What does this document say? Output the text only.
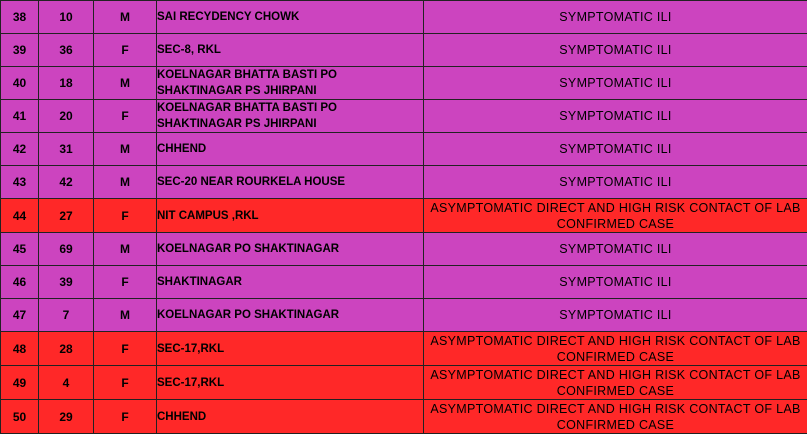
38	10	M	SAI RECYDENCY CHOWK	SYMPTOMATIC ILI
39	36	F	SEC-8, RKL	SYMPTOMATIC ILI
40	18	M	KOELNAGAR BHATTA BASTI PO
SHAKTINAGAR PS JHIRPANI	SYMPTOMATIC ILI
41	20	F	KOELNAGAR BHATTA BASTI PO
SHAKTINAGAR PS JHIRPANI	SYMPTOMATIC ILI
42	31	M	CHHEND	SYMPTOMATIC ILI
43	42	M	SEC-20 NEAR ROURKELA HOUSE	SYMPTOMATIC ILI
44	27	F	NIT CAMPUS ,RKL	ASYMPTOMATIC DIRECT AND HIGH RISK CONTACT OF LAB CONFIRMED CASE
45	69	M	KOELNAGAR PO SHAKTINAGAR	SYMPTOMATIC ILI
46	39	F	SHAKTINAGAR	SYMPTOMATIC ILI
47	7	M	KOELNAGAR PO SHAKTINAGAR	SYMPTOMATIC ILI
48	28	F	SEC-17,RKL	ASYMPTOMATIC DIRECT AND HIGH RISK CONTACT OF LAB CONFIRMED CASE
49	4	F	SEC-17,RKL	ASYMPTOMATIC DIRECT AND HIGH RISK CONTACT OF LAB CONFIRMED CASE
50	29	F	CHHEND	ASYMPTOMATIC DIRECT AND HIGH RISK CONTACT OF LAB CONFIRMED CASE
